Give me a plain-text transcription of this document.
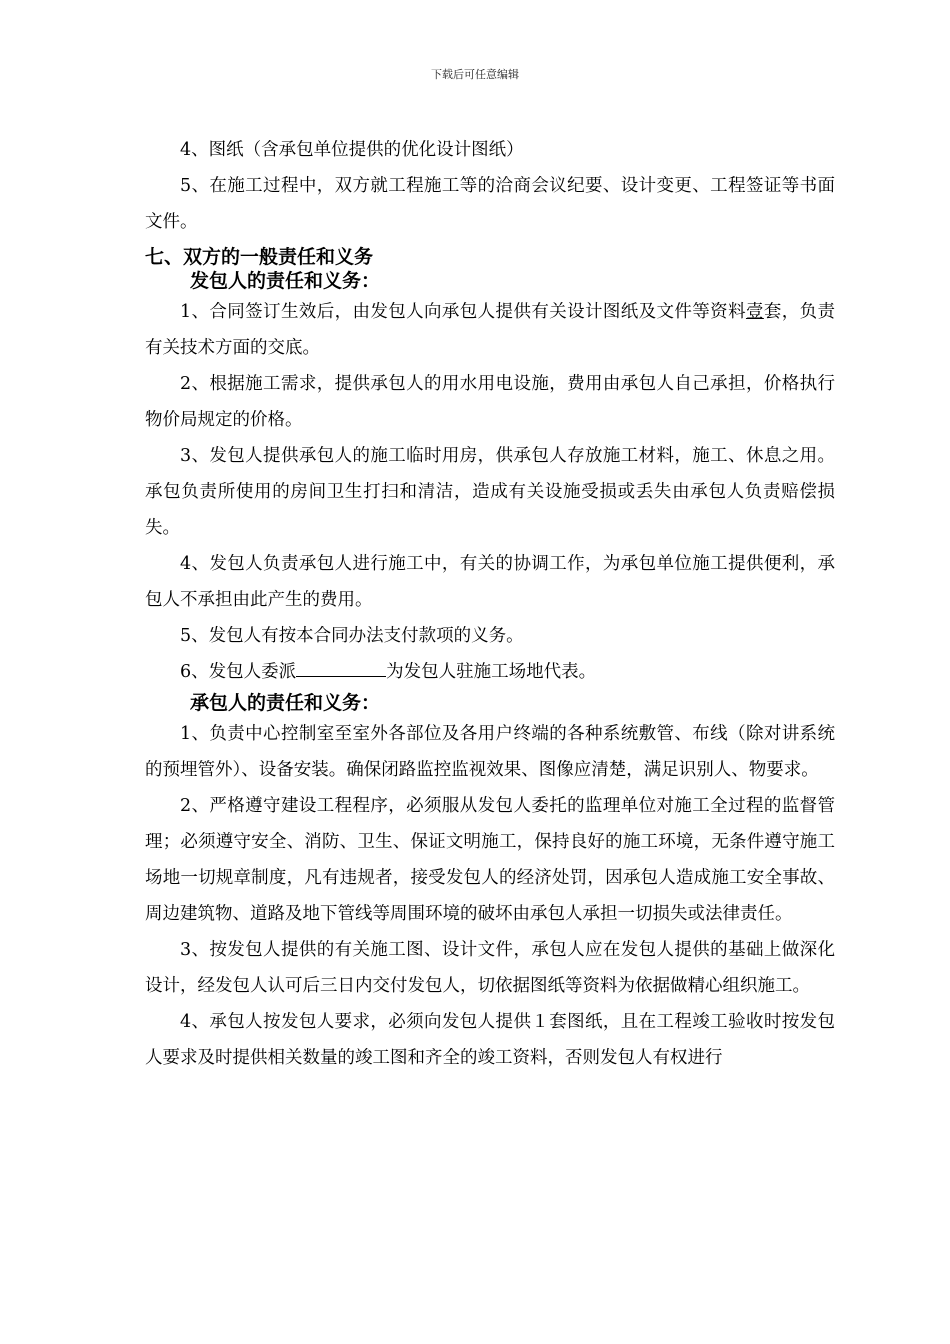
下载后可任意编辑

4、图纸（含承包单位提供的优化设计图纸）

5、在施工过程中，双方就工程施工等的洽商会议纪要、设计变更、工程签证等书面文件。

七、双方的一般责任和义务

发包人的责任和义务：

1、合同签订生效后，由发包人向承包人提供有关设计图纸及文件等资料壹套，负责有关技术方面的交底。

2、根据施工需求，提供承包人的用水用电设施，费用由承包人自己承担，价格执行物价局规定的价格。

3、发包人提供承包人的施工临时用房，供承包人存放施工材料，施工、休息之用。承包负责所使用的房间卫生打扫和清洁，造成有关设施受损或丢失由承包人负责赔偿损失。

4、发包人负责承包人进行施工中，有关的协调工作，为承包单位施工提供便利，承包人不承担由此产生的费用。

5、发包人有按本合同办法支付款项的义务。

6、发包人委派	为发包人驻施工场地代表。

承包人的责任和义务：

1、负责中心控制室至室外各部位及各用户终端的各种系统敷管、布线（除对讲系统的预埋管外）、设备安装。确保闭路监控监视效果、图像应清楚，满足识别人、物要求。

2、严格遵守建设工程程序，必须服从发包人委托的监理单位对施工全过程的监督管理；必须遵守安全、消防、卫生、保证文明施工，保持良好的施工环境，无条件遵守施工场地一切规章制度，凡有违规者，接受发包人的经济处罚，因承包人造成施工安全事故、周边建筑物、道路及地下管线等周围环境的破坏由承包人承担一切损失或法律责任。

3、按发包人提供的有关施工图、设计文件，承包人应在发包人提供的基础上做深化设计，经发包人认可后三日内交付发包人，切依据图纸等资料为依据做精心组织施工。

4、承包人按发包人要求，必须向发包人提供１套图纸，且在工程竣工验收时按发包人要求及时提供相关数量的竣工图和齐全的竣工资料，否则发包人有权进行
